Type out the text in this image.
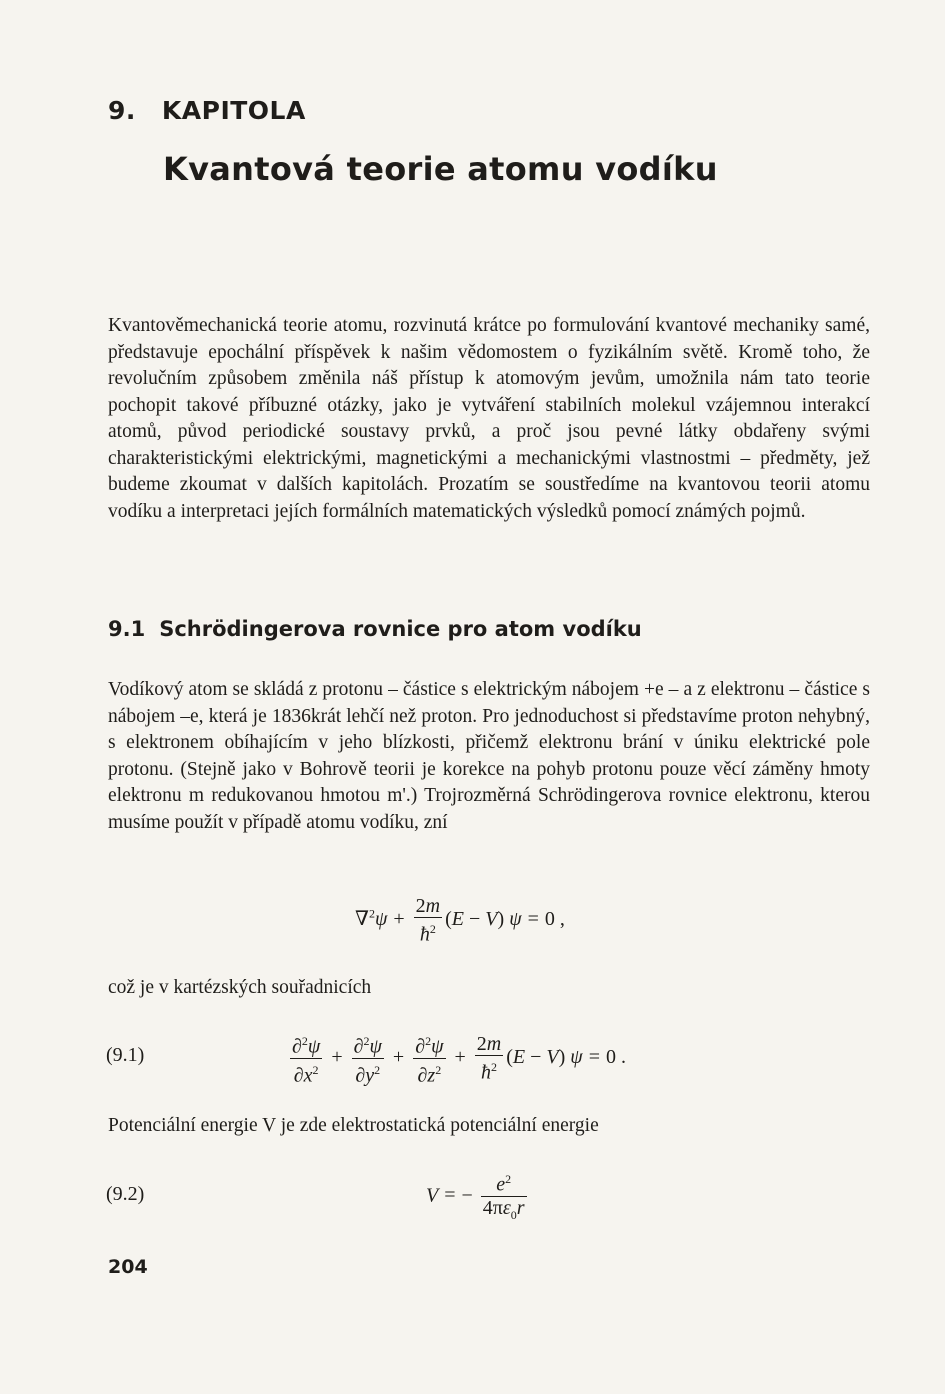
9. KAPITOLA
Kvantová teorie atomu vodíku

Kvantověmechanická teorie atomu, rozvinutá krátce po formulování kvantové mechaniky samé, představuje epochální příspěvek k našim vědomostem o fyzikálním světě. Kromě toho, že revolučním způsobem změnila náš přístup k atomovým jevům, umožnila nám tato teorie pochopit takové příbuzné otázky, jako je vytváření stabilních molekul vzájemnou interakcí atomů, původ periodické soustavy prvků, a proč jsou pevné látky obdařeny svými charakteristickými elektrickými, magnetickými a mechanickými vlastnostmi – předměty, jež budeme zkoumat v dalších kapitolách. Prozatím se soustředíme na kvantovou teorii atomu vodíku a interpretaci jejích formálních matematických výsledků pomocí známých pojmů.

9.1 Schrödingerova rovnice pro atom vodíku

Vodíkový atom se skládá z protonu – částice s elektrickým nábojem +e – a z elektronu – částice s nábojem –e, která je 1836krát lehčí než proton. Pro jednoduchost si představíme proton nehybný, s elektronem obíhajícím v jeho blízkosti, přičemž elektronu brání v úniku elektrické pole protonu. (Stejně jako v Bohrově teorii je korekce na pohyb protonu pouze věcí záměny hmoty elektronu m redukovanou hmotou m'.) Trojrozměrná Schrödingerova rovnice elektronu, kterou musíme použít v případě atomu vodíku, zní

$\nabla^2\psi + \frac{2m}{ħ^2} (E - V) \psi = 0$ ,
což je v kartézských souřadnicích
(9.1)	$\frac{\partial^2\psi}{\partial x^2} + \frac{\partial^2\psi}{\partial y^2} + \frac{\partial^2\psi}{\partial z^2} + \frac{2m}{ħ^2} (E - V) \psi = 0$ .
Potenciální energie V je zde elektrostatická potenciální energie
(9.2)	V = − $\frac{e^2}{4\pi\varepsilon_0r}$
204
